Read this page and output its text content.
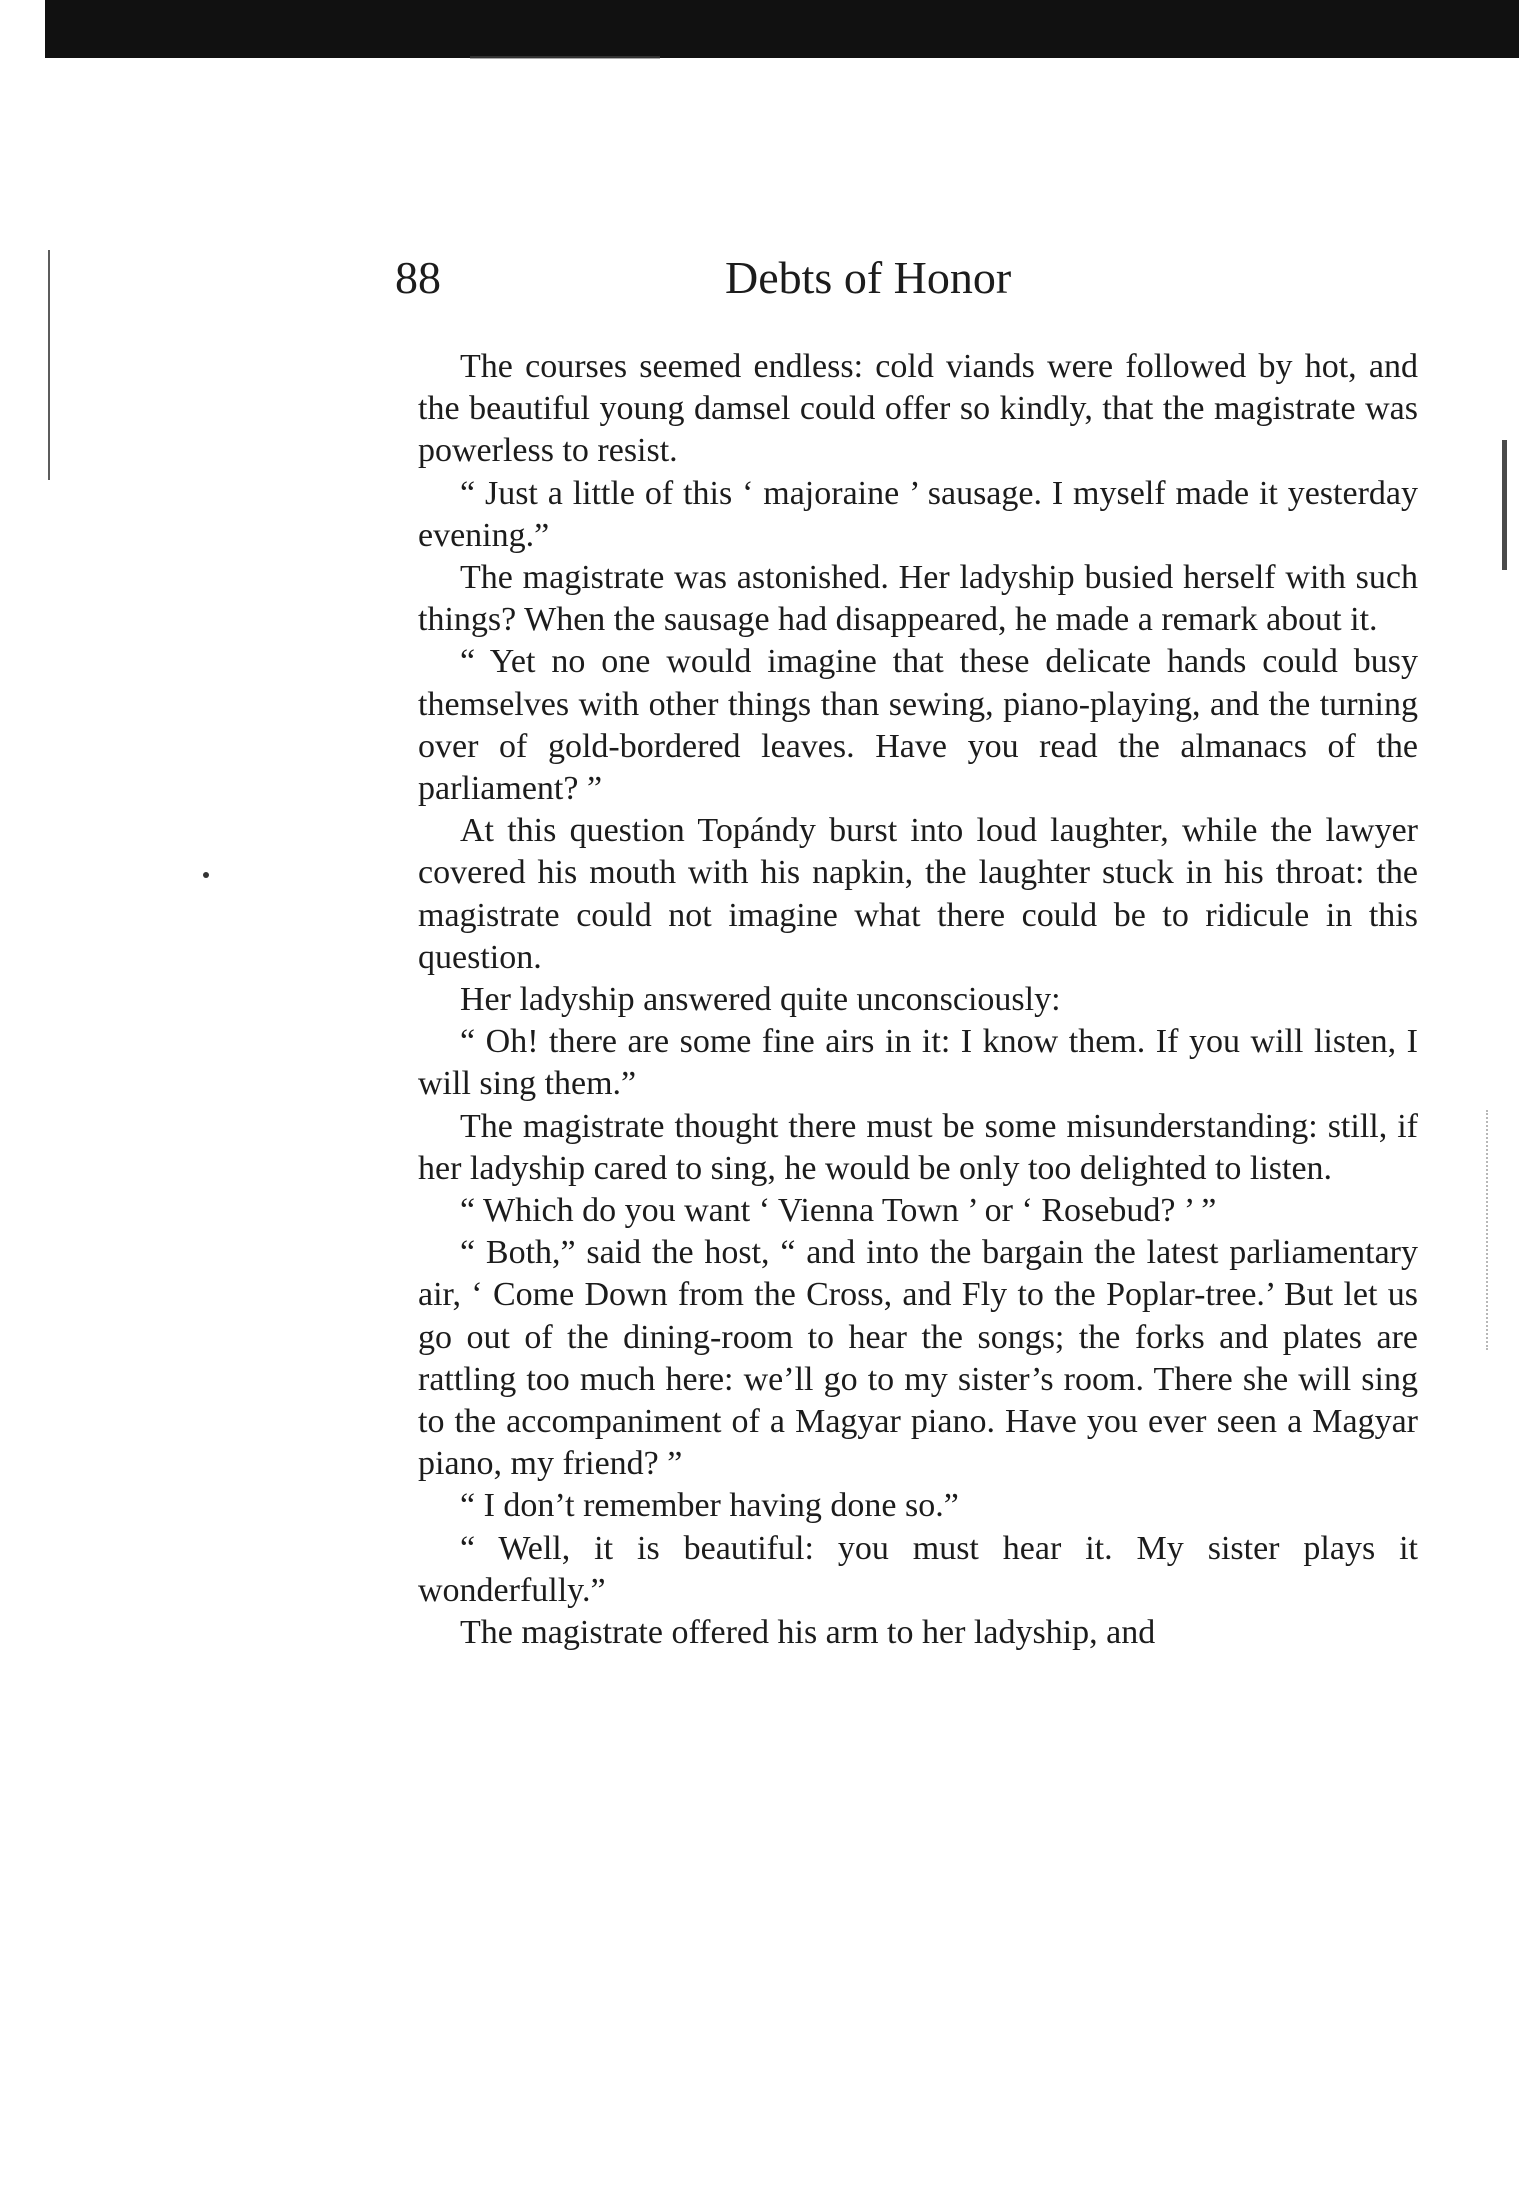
88	Debts of Honor

The courses seemed endless: cold viands were followed by hot, and the beautiful young damsel could offer so kindly, that the magistrate was powerless to resist.

“ Just a little of this ‘ majoraine ’ sausage. I myself made it yesterday evening.”

The magistrate was astonished. Her ladyship busied herself with such things? When the sausage had disappeared, he made a remark about it.

“ Yet no one would imagine that these delicate hands could busy themselves with other things than sewing, piano-playing, and the turning over of gold-bordered leaves. Have you read the almanacs of the parliament? ”

At this question Topándy burst into loud laughter, while the lawyer covered his mouth with his napkin, the laughter stuck in his throat: the magistrate could not imagine what there could be to ridicule in this question.

Her ladyship answered quite unconsciously:

“ Oh! there are some fine airs in it: I know them. If you will listen, I will sing them.”

The magistrate thought there must be some misunderstanding: still, if her ladyship cared to sing, he would be only too delighted to listen.

“ Which do you want ‘ Vienna Town ’ or ‘ Rosebud? ’ ”

“ Both,” said the host, “ and into the bargain the latest parliamentary air, ‘ Come Down from the Cross, and Fly to the Poplar-tree.’ But let us go out of the dining-room to hear the songs; the forks and plates are rattling too much here: we’ll go to my sister’s room. There she will sing to the accompaniment of a Magyar piano. Have you ever seen a Magyar piano, my friend? ”

“ I don’t remember having done so.”

“ Well, it is beautiful: you must hear it. My sister plays it wonderfully.”

The magistrate offered his arm to her ladyship, and
